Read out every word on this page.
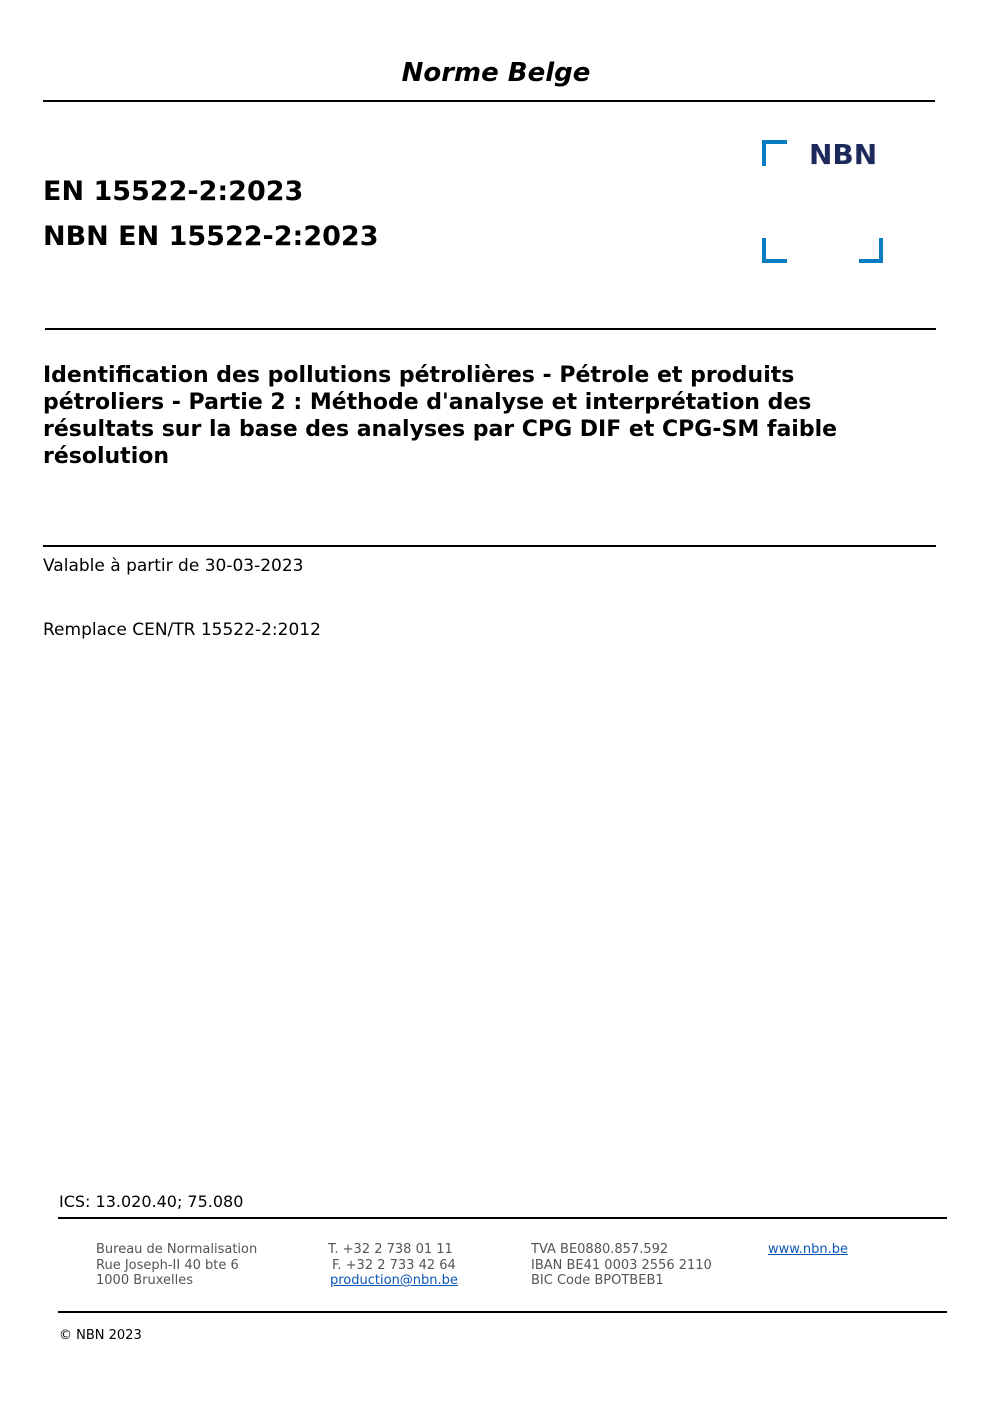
Norme Belge
EN 15522-2:2023
NBN EN 15522-2:2023
NBN
Identification des pollutions pétrolières - Pétrole et produits pétroliers - Partie 2 : Méthode d'analyse et interprétation des résultats sur la base des analyses par CPG DIF et CPG-SM faible résolution
Valable à partir de 30-03-2023
Remplace CEN/TR 15522-2:2012
ICS: 13.020.40; 75.080
Bureau de Normalisation
Rue Joseph-II 40 bte 6
1000 Bruxelles
T. +32 2 738 01 11
F. +32 2 733 42 64
production@nbn.be
TVA BE0880.857.592
IBAN BE41 0003 2556 2110
BIC Code BPOTBEB1
www.nbn.be
© NBN 2023
